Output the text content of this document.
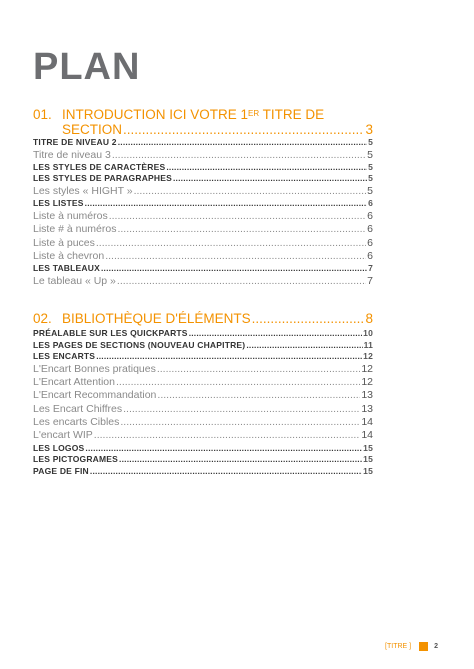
PLAN
01. INTRODUCTION ICI VOTRE 1ER TITRE DE
SECTION .....	3
TITRE DE NIVEAU 2 .....	5
Titre de niveau 3 .....	5
LES STYLES DE CARACTÈRES .....	5
LES STYLES DE PARAGRAPHES .....	5
Les styles « HIGHT » .....	5
LES LISTES .....	6
Liste à numéros .....	6
Liste # à numéros .....	6
Liste à puces .....	6
Liste à chevron .....	6
LES TABLEAUX .....	7
Le tableau « Up » .....	7
02. BIBLIOTHÈQUE D'ÉLÉMENTS .....	8
PRÉALABLE SUR LES QUICKPARTS .....	10
LES PAGES DE SECTIONS (NOUVEAU CHAPITRE) .....	11
LES ENCARTS .....	12
L'Encart Bonnes pratiques .....	12
L'Encart Attention .....	12
L'Encart Recommandation .....	13
Les Encart Chiffres .....	13
Les encarts Cibles .....	14
L'encart WIP .....	14
LES LOGOS .....	15
LES PICTOGRAMES .....	15
PAGE DE FIN .....	15
[TITRE ]	2
